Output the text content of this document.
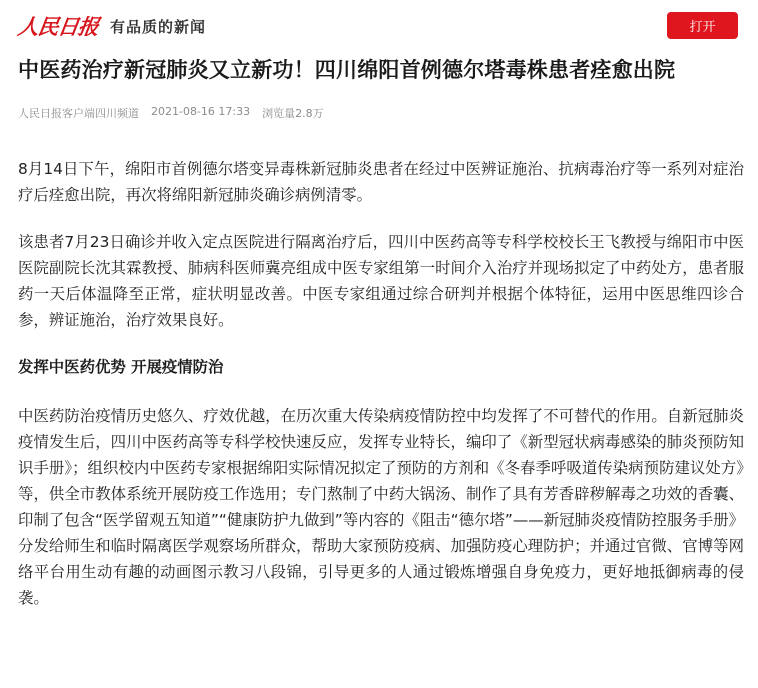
人民日报 有品质的新闻	打开
中医药治疗新冠肺炎又立新功！四川绵阳首例德尔塔毒株患者痊愈出院
人民日报客户端四川频道 2021-08-16 17:33 浏览量2.8万

8月14日下午，绵阳市首例德尔塔变异毒株新冠肺炎患者在经过中医辨证施治、抗病毒治疗等一系列对症治疗后痊愈出院，再次将绵阳新冠肺炎确诊病例清零。

该患者7月23日确诊并收入定点医院进行隔离治疗后，四川中医药高等专科学校校长王飞教授与绵阳市中医医院副院长沈其霖教授、肺病科医师冀亮组成中医专家组第一时间介入治疗并现场拟定了中药处方，患者服药一天后体温降至正常，症状明显改善。中医专家组通过综合研判并根据个体特征，运用中医思维四诊合参，辨证施治，治疗效果良好。

发挥中医药优势 开展疫情防治

中医药防治疫情历史悠久、疗效优越，在历次重大传染病疫情防控中均发挥了不可替代的作用。自新冠肺炎疫情发生后，四川中医药高等专科学校快速反应，发挥专业特长，编印了《新型冠状病毒感染的肺炎预防知识手册》；组织校内中医药专家根据绵阳实际情况拟定了预防的方剂和《冬春季呼吸道传染病预防建议处方》等，供全市教体系统开展防疫工作选用；专门熬制了中药大锅汤、制作了具有芳香辟秽解毒之功效的香囊、印制了包含“医学留观五知道”“健康防护九做到”等内容的《阻击“德尔塔”——新冠肺炎疫情防控服务手册》分发给师生和临时隔离医学观察场所群众，帮助大家预防疫病、加强防疫心理防护；并通过官微、官博等网络平台用生动有趣的动画图示教习八段锦，引导更多的人通过锻炼增强自身免疫力，更好地抵御病毒的侵袭。
